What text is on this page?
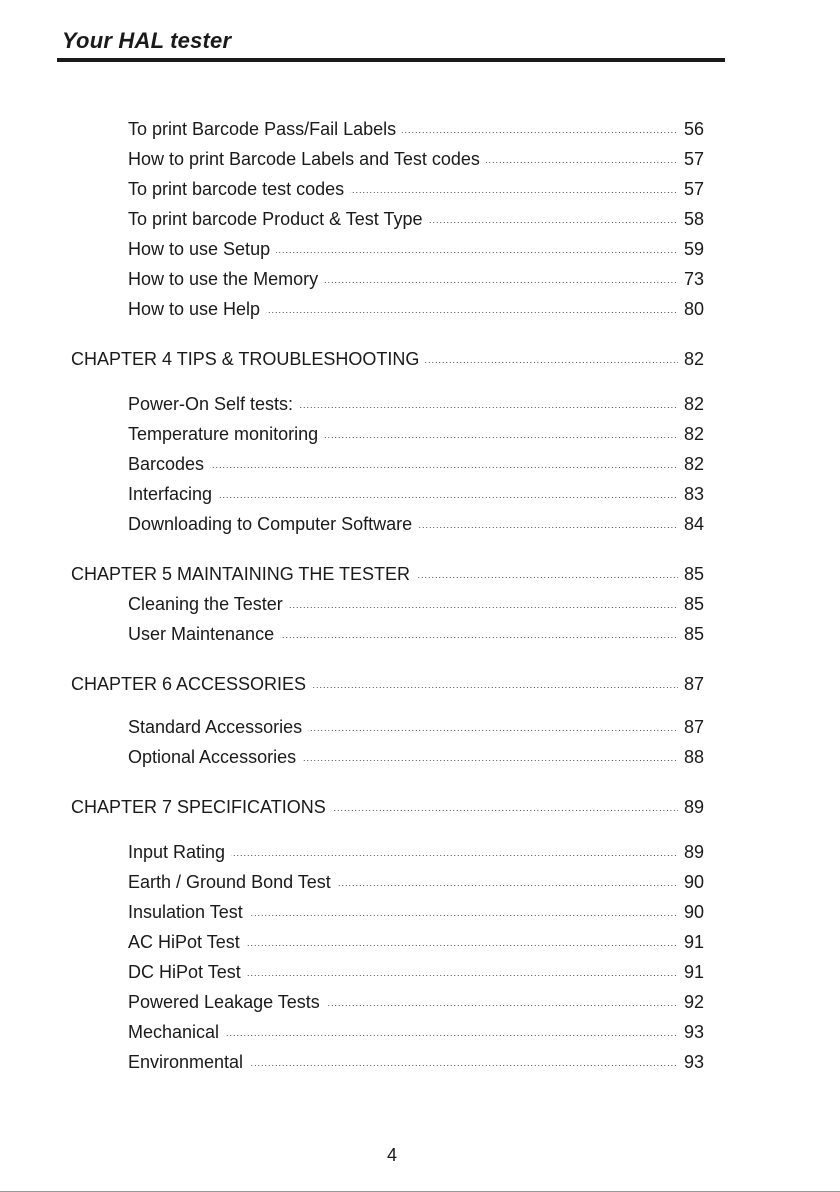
Your HAL tester
.....
To print Barcode Pass/Fail Labels	56
.....
How to print Barcode Labels and Test codes	57
.....
To print barcode test codes	57
.....
To print barcode Product & Test Type	58
.....
How to use Setup	59
.....
How to use the Memory	73
.....
How to use Help	80
.....
CHAPTER 4 TIPS & TROUBLESHOOTING	82
.....
Power-On Self tests:	82
.....
Temperature monitoring	82
.....
Barcodes	82
.....
Interfacing	83
.....
Downloading to Computer Software	84
.....
CHAPTER 5 MAINTAINING THE TESTER	85
.....
Cleaning the Tester	85
.....
User Maintenance	85
.....
CHAPTER 6 ACCESSORIES	87
.....
Standard Accessories	87
.....
Optional Accessories	88
.....
CHAPTER 7 SPECIFICATIONS	89
.....
Input Rating	89
.....
Earth / Ground Bond Test	90
.....
Insulation Test	90
.....
AC HiPot Test	91
.....
DC HiPot Test	91
.....
Powered Leakage Tests	92
.....
Mechanical	93
.....
Environmental	93
4
